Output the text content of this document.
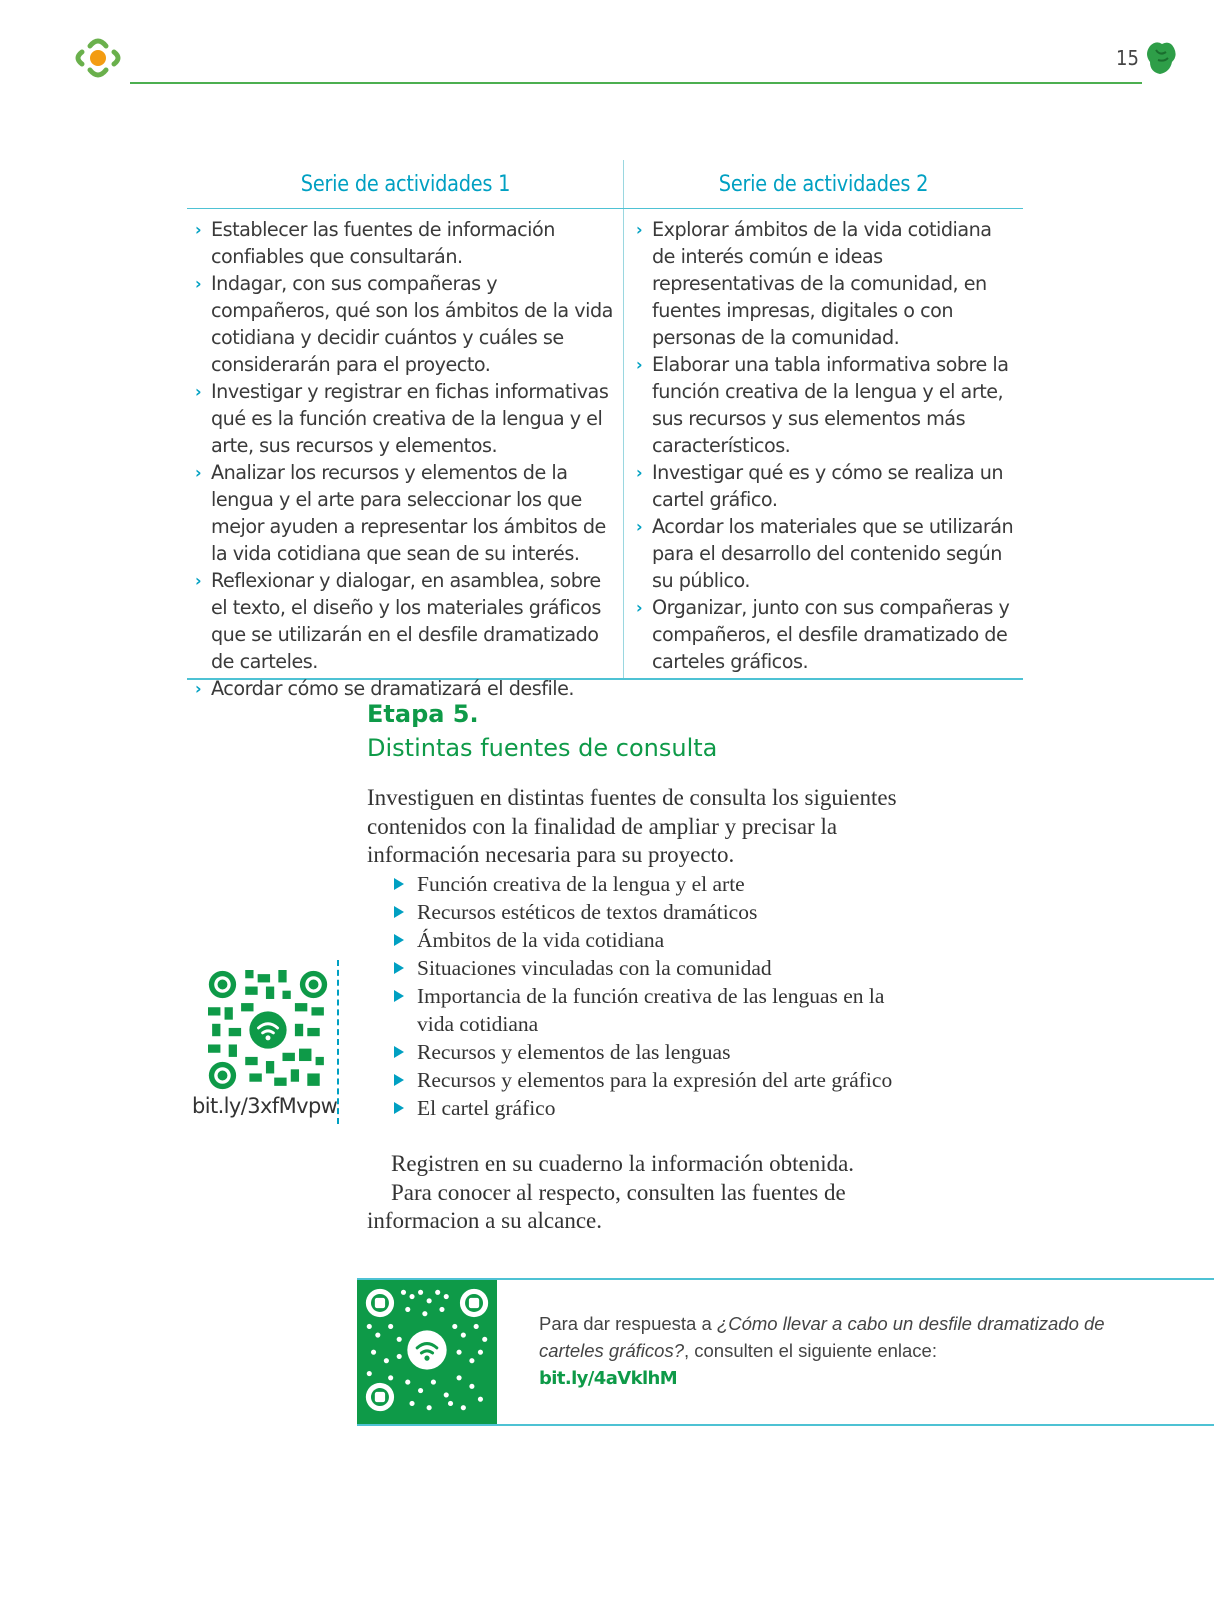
15
Serie de actividades 1
› Establecer las fuentes de información confiables que consultarán.
› Indagar, con sus compañeras y compañeros, qué son los ámbitos de la vida cotidiana y decidir cuántos y cuáles se considerarán para el proyecto.
› Investigar y registrar en fichas informativas qué es la función creativa de la lengua y el arte, sus recursos y elementos.
› Analizar los recursos y elementos de la lengua y el arte para seleccionar los que mejor ayuden a representar los ámbitos de la vida cotidiana que sean de su interés.
› Reflexionar y dialogar, en asamblea, sobre el texto, el diseño y los materiales gráficos que se utilizarán en el desfile dramatizado de carteles.
› Acordar cómo se dramatizará el desfile.
Serie de actividades 2
› Explorar ámbitos de la vida cotidiana de interés común e ideas representativas de la comunidad, en fuentes impresas, digitales o con personas de la comunidad.
› Elaborar una tabla informativa sobre la función creativa de la lengua y el arte, sus recursos y sus elementos más característicos.
› Investigar qué es y cómo se realiza un cartel gráfico.
› Acordar los materiales que se utilizarán para el desarrollo del contenido según su público.
› Organizar, junto con sus compañeras y compañeros, el desfile dramatizado de carteles gráficos.
Etapa 5.
Distintas fuentes de consulta

Investiguen en distintas fuentes de consulta los siguientes contenidos con la finalidad de ampliar y precisar la información necesaria para su proyecto.

Función creativa de la lengua y el arte
Recursos estéticos de textos dramáticos
Ámbitos de la vida cotidiana
Situaciones vinculadas con la comunidad
Importancia de la función creativa de las lenguas en la vida cotidiana
Recursos y elementos de las lenguas
Recursos y elementos para la expresión del arte gráfico
El cartel gráfico

Registren en su cuaderno la información obtenida.
Para conocer al respecto, consulten las fuentes de informacion a su alcance.

bit.ly/3xfMvpw

Para dar respuesta a ¿Cómo llevar a cabo un desfile dramatizado de carteles gráficos?, consulten el siguiente enlace:
bit.ly/4aVklhM
